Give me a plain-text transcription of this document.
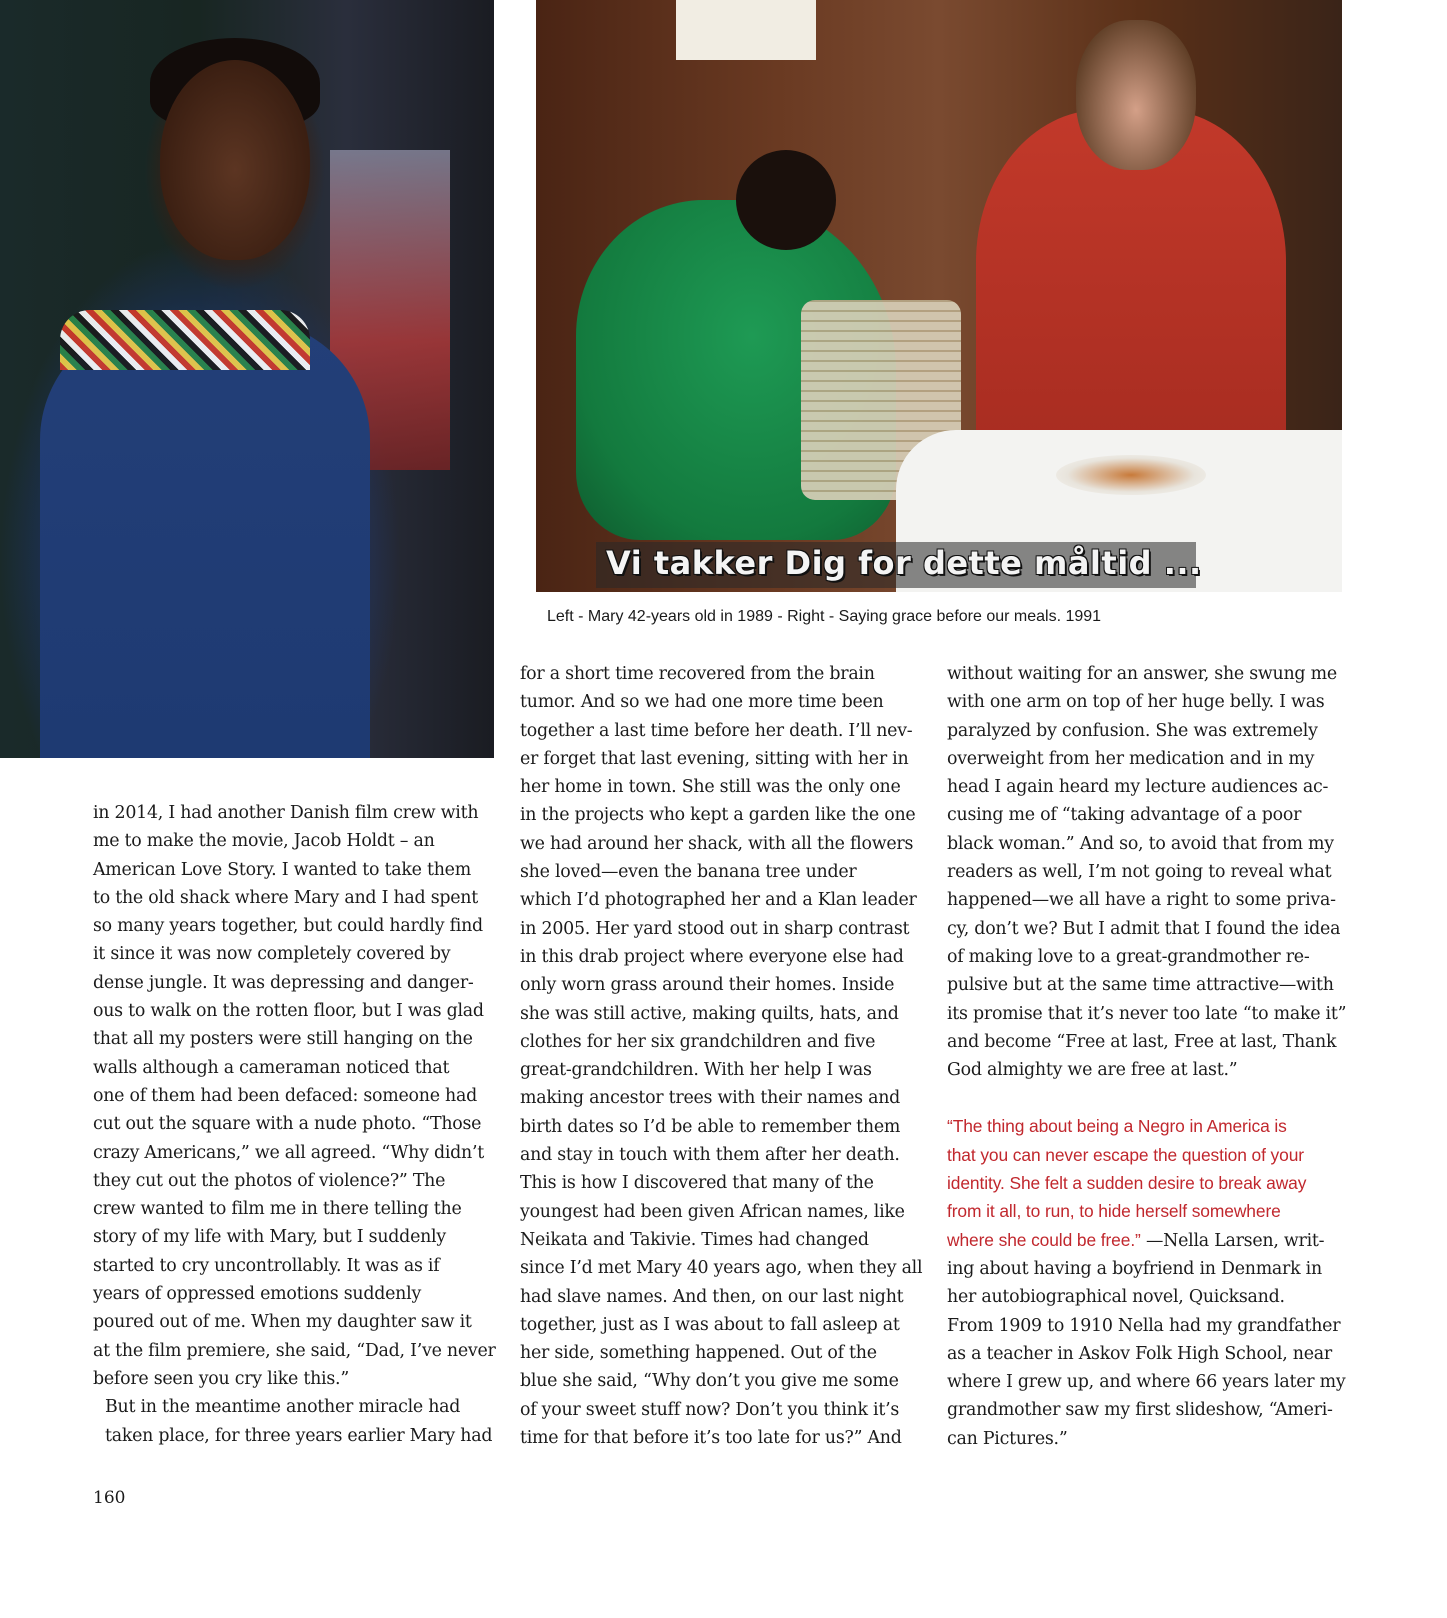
Vi takker Dig for dette måltid ...
Left - Mary 42-years old in 1989 - Right - Saying grace before our meals. 1991

in 2014, I had another Danish film crew with
me to make the movie, Jacob Holdt – an
American Love Story. I wanted to take them
to the old shack where Mary and I had spent
so many years together, but could hardly find
it since it was now completely covered by
dense jungle. It was depressing and danger-
ous to walk on the rotten floor, but I was glad
that all my posters were still hanging on the
walls although a cameraman noticed that
one of them had been defaced: someone had
cut out the square with a nude photo. “Those
crazy Americans,” we all agreed. “Why didn’t
they cut out the photos of violence?” The
crew wanted to film me in there telling the
story of my life with Mary, but I suddenly
started to cry uncontrollably. It was as if
years of oppressed emotions suddenly
poured out of me. When my daughter saw it
at the film premiere, she said, “Dad, I’ve never
before seen you cry like this.”

But in the meantime another miracle had
taken place, for three years earlier Mary had

for a short time recovered from the brain
tumor. And so we had one more time been
together a last time before her death. I’ll nev-
er forget that last evening, sitting with her in
her home in town. She still was the only one
in the projects who kept a garden like the one
we had around her shack, with all the flowers
she loved—even the banana tree under
which I’d photographed her and a Klan leader
in 2005. Her yard stood out in sharp contrast
in this drab project where everyone else had
only worn grass around their homes. Inside
she was still active, making quilts, hats, and
clothes for her six grandchildren and five
great-grandchildren. With her help I was
making ancestor trees with their names and
birth dates so I’d be able to remember them
and stay in touch with them after her death.
This is how I discovered that many of the
youngest had been given African names, like
Neikata and Takivie. Times had changed
since I’d met Mary 40 years ago, when they all
had slave names. And then, on our last night
together, just as I was about to fall asleep at
her side, something happened. Out of the
blue she said, “Why don’t you give me some
of your sweet stuff now? Don’t you think it’s
time for that before it’s too late for us?” And

without waiting for an answer, she swung me
with one arm on top of her huge belly. I was
paralyzed by confusion. She was extremely
overweight from her medication and in my
head I again heard my lecture audiences ac-
cusing me of “taking advantage of a poor
black woman.” And so, to avoid that from my
readers as well, I’m not going to reveal what
happened—we all have a right to some priva-
cy, don’t we? But I admit that I found the idea
of making love to a great-grandmother re-
pulsive but at the same time attractive—with
its promise that it’s never too late “to make it”
and become “Free at last, Free at last, Thank
God almighty we are free at last.”

“The thing about being a Negro in America is
that you can never escape the question of your
identity. She felt a sudden desire to break away
from it all, to run, to hide herself somewhere
where she could be free.” —Nella Larsen, writ-
ing about having a boyfriend in Denmark in
her autobiographical novel, Quicksand.
From 1909 to 1910 Nella had my grandfather
as a teacher in Askov Folk High School, near
where I grew up, and where 66 years later my
grandmother saw my first slideshow, “Ameri-
can Pictures.”

160
